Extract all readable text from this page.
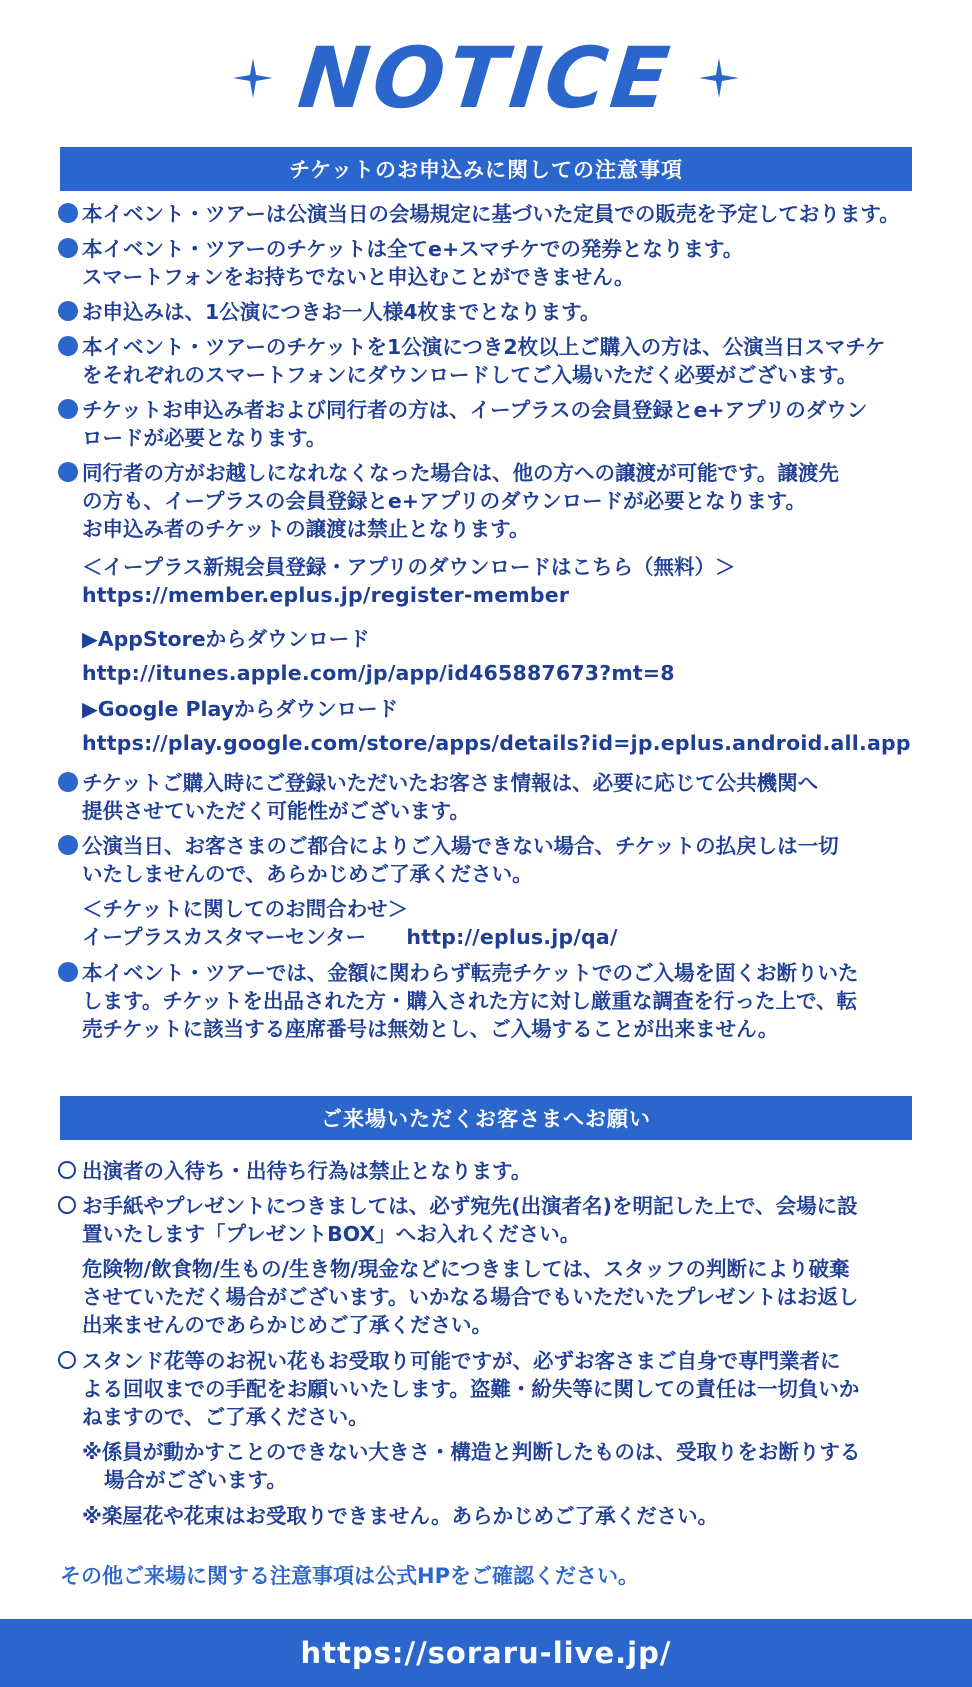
NOTICE
チケットのお申込みに関しての注意事項
本イベント・ツアーは公演当日の会場規定に基づいた定員での販売を予定しております。
本イベント・ツアーのチケットは全てe+スマチケでの発券となります。
スマートフォンをお持ちでないと申込むことができません。
お申込みは、1公演につきお一人様4枚までとなります。
本イベント・ツアーのチケットを1公演につき2枚以上ご購入の方は、公演当日スマチケ
をそれぞれのスマートフォンにダウンロードしてご入場いただく必要がございます。
チケットお申込み者および同行者の方は、イープラスの会員登録とe+アプリのダウン
ロードが必要となります。
同行者の方がお越しになれなくなった場合は、他の方への譲渡が可能です。譲渡先
の方も、イープラスの会員登録とe+アプリのダウンロードが必要となります。
お申込み者のチケットの譲渡は禁止となります。
＜イープラス新規会員登録・アプリのダウンロードはこちら（無料）＞
https://member.eplus.jp/register-member
▶AppStoreからダウンロード
http://itunes.apple.com/jp/app/id465887673?mt=8
▶Google Playからダウンロード
https://play.google.com/store/apps/details?id=jp.eplus.android.all.app
チケットご購入時にご登録いただいたお客さま情報は、必要に応じて公共機関へ
提供させていただく可能性がございます。
公演当日、お客さまのご都合によりご入場できない場合、チケットの払戻しは一切
いたしませんので、あらかじめご了承ください。
＜チケットに関してのお問合わせ＞
イープラスカスタマーセンター http://eplus.jp/qa/
本イベント・ツアーでは、金額に関わらず転売チケットでのご入場を固くお断りいた
します。チケットを出品された方・購入された方に対し厳重な調査を行った上で、転
売チケットに該当する座席番号は無効とし、ご入場することが出来ません。
ご来場いただくお客さまへお願い
出演者の入待ち・出待ち行為は禁止となります。
お手紙やプレゼントにつきましては、必ず宛先(出演者名)を明記した上で、会場に設
置いたします「プレゼントBOX」へお入れください。
危険物/飲食物/生もの/生き物/現金などにつきましては、スタッフの判断により破棄
させていただく場合がございます。いかなる場合でもいただいたプレゼントはお返し
出来ませんのであらかじめご了承ください。
スタンド花等のお祝い花もお受取り可能ですが、必ずお客さまご自身で専門業者に
よる回収までの手配をお願いいたします。盗難・紛失等に関しての責任は一切負いか
ねますので、ご了承ください。
※係員が動かすことのできない大きさ・構造と判断したものは、受取りをお断りする
場合がございます。
※楽屋花や花束はお受取りできません。あらかじめご了承ください。
その他ご来場に関する注意事項は公式HPをご確認ください。
https://soraru-live.jp/
